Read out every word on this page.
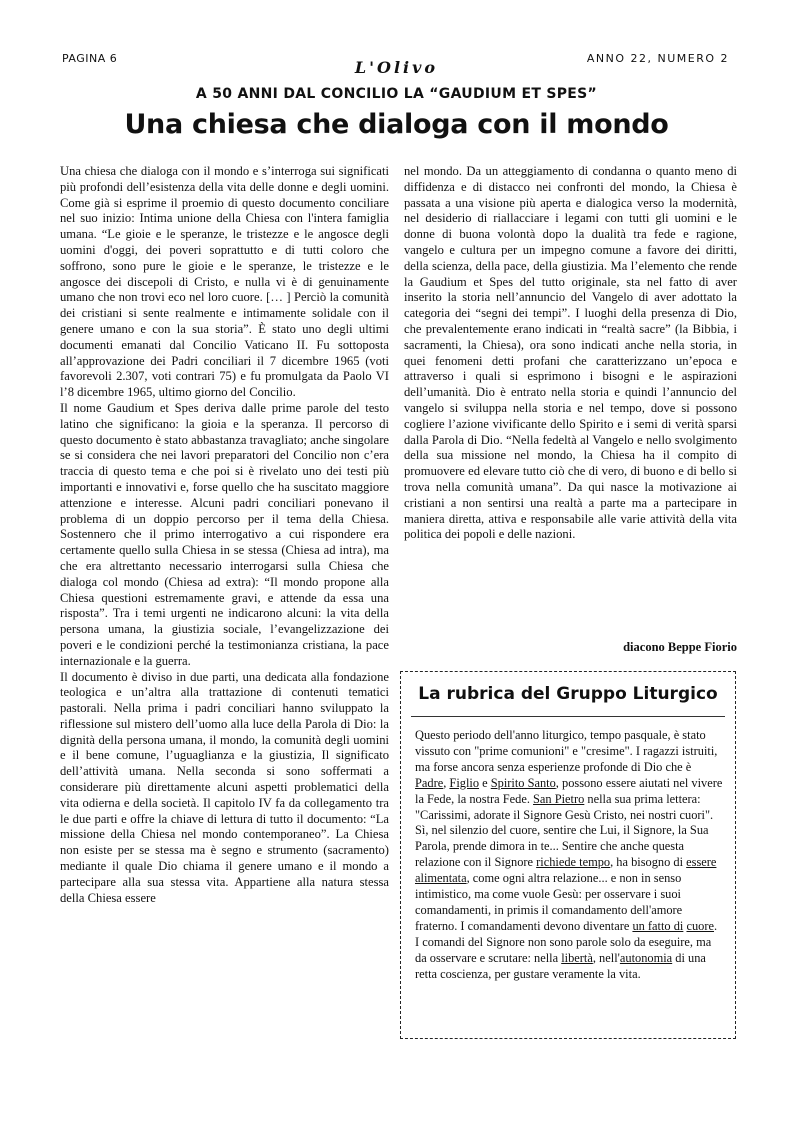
PAGINA 6	ANNO 22, NUMERO 2
L'Olivo
A 50 ANNI DAL CONCILIO LA “GAUDIUM ET SPES”
Una chiesa che dialoga con il mondo

Una chiesa che dialoga con il mondo e s’interroga sui significati più profondi dell’esistenza della vita delle donne e degli uomini. Come già si esprime il proemio di questo documento conciliare nel suo inizio: Intima unione della Chiesa con l'intera famiglia umana. “Le gioie e le speranze, le tristezze e le angosce degli uomini d'oggi, dei poveri soprattutto e di tutti coloro che soffrono, sono pure le gioie e le speranze, le tristezze e le angosce dei discepoli di Cristo, e nulla vi è di genuinamente umano che non trovi eco nel loro cuore. [… ] Perciò la comunità dei cristiani si sente realmente e intimamente solidale con il genere umano e con la sua storia”. È stato uno degli ultimi documenti emanati dal Concilio Vaticano II. Fu sottoposta all’approvazione dei Padri conciliari il 7 dicembre 1965 (voti favorevoli 2.307, voti contrari 75) e fu promulgata da Paolo VI l’8 dicembre 1965, ultimo giorno del Concilio.

Il nome Gaudium et Spes deriva dalle prime parole del testo latino che significano: la gioia e la speranza. Il percorso di questo documento è stato abbastanza travagliato; anche singolare se si considera che nei lavori preparatori del Concilio non c’era traccia di questo tema e che poi si è rivelato uno dei testi più importanti e innovativi e, forse quello che ha suscitato maggiore attenzione e interesse. Alcuni padri conciliari ponevano il problema di un doppio percorso per il tema della Chiesa. Sostennero che il primo interrogativo a cui rispondere era certamente quello sulla Chiesa in se stessa (Chiesa ad intra), ma che era altrettanto necessario interrogarsi sulla Chiesa che dialoga col mondo (Chiesa ad extra): “Il mondo propone alla Chiesa questioni estremamente gravi, e attende da essa una risposta”. Tra i temi urgenti ne indicarono alcuni: la vita della persona umana, la giustizia sociale, l’evangelizzazione dei poveri e le condizioni perché la testimonianza cristiana, la pace internazionale e la guerra.

Il documento è diviso in due parti, una dedicata alla fondazione teologica e un’altra alla trattazione di contenuti tematici pastorali. Nella prima i padri conciliari hanno sviluppato la riflessione sul mistero dell’uomo alla luce della Parola di Dio: la dignità della persona umana, il mondo, la comunità degli uomini e il bene comune, l’uguaglianza e la giustizia, Il significato dell’attività umana. Nella seconda si sono soffermati a considerare più direttamente alcuni aspetti problematici della vita odierna e della società. Il capitolo IV fa da collegamento tra le due parti e offre la chiave di lettura di tutto il documento: “La missione della Chiesa nel mondo contemporaneo”. La Chiesa non esiste per se stessa ma è segno e strumento (sacramento) mediante il quale Dio chiama il genere umano e il mondo a partecipare alla sua stessa vita. Appartiene alla natura stessa della Chiesa essere

nel mondo. Da un atteggiamento di condanna o quanto meno di diffidenza e di distacco nei confronti del mondo, la Chiesa è passata a una visione più aperta e dialogica verso la modernità, nel desiderio di riallacciare i legami con tutti gli uomini e le donne di buona volontà dopo la dualità tra fede e ragione, vangelo e cultura per un impegno comune a favore dei diritti, della scienza, della pace, della giustizia. Ma l’elemento che rende la Gaudium et Spes del tutto originale, sta nel fatto di aver inserito la storia nell’annuncio del Vangelo di aver adottato la categoria dei “segni dei tempi”. I luoghi della presenza di Dio, che prevalentemente erano indicati in “realtà sacre” (la Bibbia, i sacramenti, la Chiesa), ora sono indicati anche nella storia, in quei fenomeni detti profani che caratterizzano un’epoca e attraverso i quali si esprimono i bisogni e le aspirazioni dell’umanità. Dio è entrato nella storia e quindi l’annuncio del vangelo si sviluppa nella storia e nel tempo, dove si possono cogliere l’azione vivificante dello Spirito e i semi di verità sparsi dalla Parola di Dio. “Nella fedeltà al Vangelo e nello svolgimento della sua missione nel mondo, la Chiesa ha il compito di promuovere ed elevare tutto ciò che di vero, di buono e di bello si trova nella comunità umana”. Da qui nasce la motivazione ai cristiani a non sentirsi una realtà a parte ma a partecipare in maniera diretta, attiva e responsabile alle varie attività della vita politica dei popoli e delle nazioni.

diacono Beppe Fiorio
La rubrica del Gruppo Liturgico
Questo periodo dell'anno liturgico, tempo pasquale, è stato vissuto con "prime comunioni" e "cresime". I ragazzi istruiti, ma forse ancora senza esperienze profonde di Dio che è Padre, Figlio e Spirito Santo, possono essere aiutati nel vivere la Fede, la nostra Fede. San Pietro nella sua prima lettera: "Carissimi, adorate il Signore Gesù Cristo, nei nostri cuori".
Sì, nel silenzio del cuore, sentire che Lui, il Signore, la Sua Parola, prende dimora in te... Sentire che anche questa relazione con il Signore richiede tempo, ha bisogno di essere alimentata, come ogni altra relazione... e non in senso intimistico, ma come vuole Gesù: per osservare i suoi comandamenti, in primis il comandamento dell'amore fraterno. I comandamenti devono diventare un fatto di cuore. I comandi del Signore non sono parole solo da eseguire, ma da osservare e scrutare: nella libertà, nell'autonomia di una retta coscienza, per gustare veramente la vita.
